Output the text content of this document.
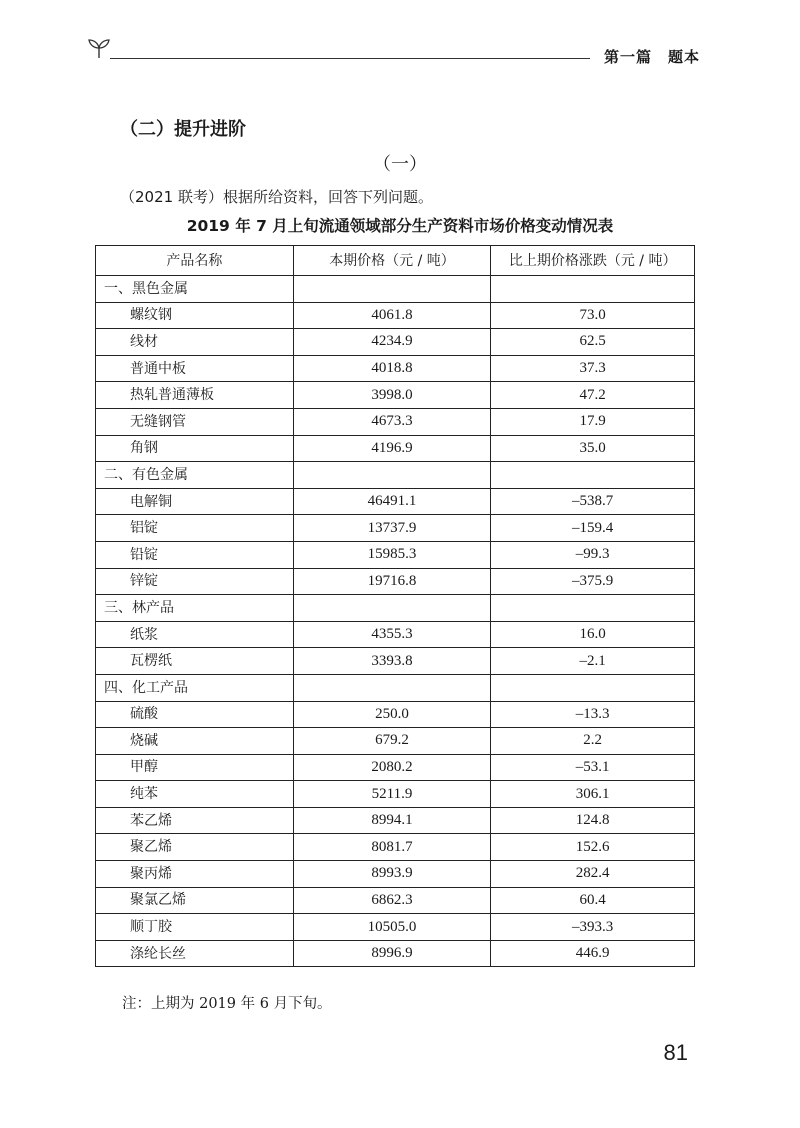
第一篇　题本
（二）提升进阶
（一）
（2021 联考）根据所给资料，回答下列问题。
2019 年 7 月上旬流通领域部分生产资料市场价格变动情况表
产品名称	本期价格（元 / 吨）	比上期价格涨跌（元 / 吨）
一、黑色金属		
螺纹钢	4061.8	73.0
线材	4234.9	62.5
普通中板	4018.8	37.3
热轧普通薄板	3998.0	47.2
无缝钢管	4673.3	17.9
角钢	4196.9	35.0
二、有色金属		
电解铜	46491.1	–538.7
铝锭	13737.9	–159.4
铅锭	15985.3	–99.3
锌锭	19716.8	–375.9
三、林产品		
纸浆	4355.3	16.0
瓦楞纸	3393.8	–2.1
四、化工产品		
硫酸	250.0	–13.3
烧碱	679.2	2.2
甲醇	2080.2	–53.1
纯苯	5211.9	306.1
苯乙烯	8994.1	124.8
聚乙烯	8081.7	152.6
聚丙烯	8993.9	282.4
聚氯乙烯	6862.3	60.4
顺丁胶	10505.0	–393.3
涤纶长丝	8996.9	446.9
注：上期为 2019 年 6 月下旬。
81
